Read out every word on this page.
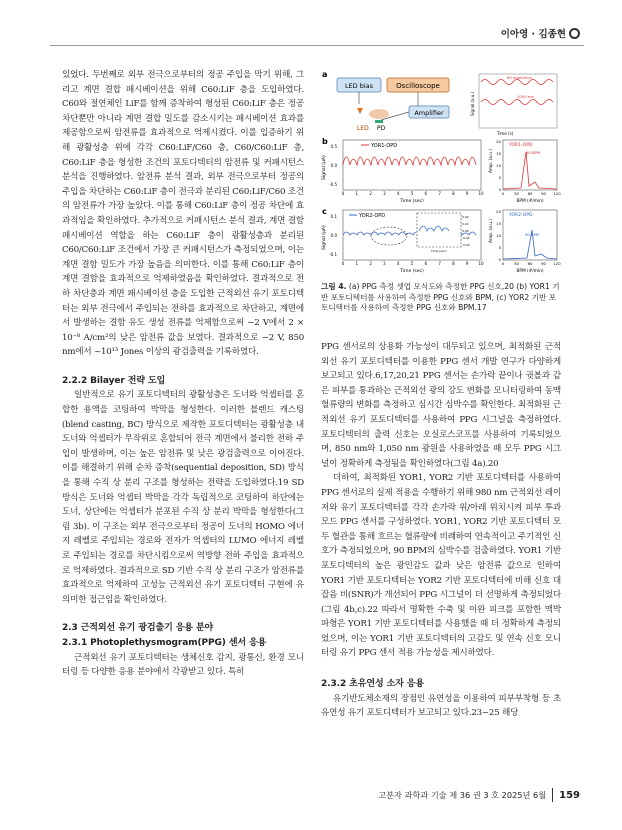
이아영 · 김종현

있었다. 두번째로 외부 전극으로부터의 정공 주입을 막기 위해, 그리고 계면 결합 패시베이션을 위해 C60:LiF 층을 도입하였다. C60와 절연체인 LiF를 함께 증착하여 형성된 C60:LiF 층은 정공 차단뿐만 아니라 계면 결합 밀도를 감소시키는 패시베이션 효과를 제공함으로써 암전류를 효과적으로 억제시켰다. 이를 입증하기 위해 광활성층 위에 각각 C60:LiF/C60 층, C60/C60:LiF 층, C60:LiF 층을 형성한 조건의 포토디텍터의 암전류 및 커패시턴스 분석을 진행하였다. 암전류 분석 결과, 외부 전극으로부터 정공의 주입을 차단하는 C60:LiF 층이 전극과 분리된 C60:LiF/C60 조건의 암전류가 가장 높았다. 이를 통해 C60:LiF 층이 정공 차단에 효과적임을 확인하였다. 추가적으로 커패시턴스 분석 결과, 계면 결함 패시베이션 역할을 하는 C60:LiF 층이 광활성층과 분리된 C60/C60:LiF 조건에서 가장 큰 커패시턴스가 측정되었으며, 이는 계면 결함 밀도가 가장 높음을 의미한다. 이를 통해 C60:LiF 층이 계면 결함을 효과적으로 억제하였음을 확인하였다. 결과적으로 전하 차단층과 계면 패시베이션 층을 도입한 근적외선 유기 포토디텍터는 외부 전극에서 주입되는 전하를 효과적으로 차단하고, 계면에서 발생하는 결함 유도 생성 전류를 억제함으로써 −2 V에서 2 × 10⁻⁸ A/cm²의 낮은 암전류 값을 보였다. 결과적으로 −2 V, 850 nm에서 ~10¹³ Jones 이상의 광검출력을 기록하였다.

2.2.2 Bilayer 전략 도입

일반적으로 유기 포토디텍터의 광활성층은 도너와 억셉터를 혼합한 용액을 코팅하여 박막을 형성한다. 이러한 블렌드 캐스팅(blend casting, BC) 방식으로 제작한 포토디텍터는 광활성층 내 도너와 억셉터가 무작위로 혼합되어 전극 계면에서 불리한 전하 주입이 발생하며, 이는 높은 암전류 및 낮은 광검출력으로 이어진다. 이를 해결하기 위해 순차 증착(sequential deposition, SD) 방식을 통해 수직 상 분리 구조를 형성하는 전략을 도입하였다.19 SD 방식은 도너와 억셉터 박막을 각각 독립적으로 코팅하여 하단에는 도너, 상단에는 억셉터가 분포된 수직 상 분리 박막을 형성한다(그림 3b). 이 구조는 외부 전극으로부터 정공이 도너의 HOMO 에너지 레벨로 주입되는 경로와 전자가 억셉터의 LUMO 에너지 레벨로 주입되는 경로를 차단시킴으로써 역방향 전하 주입을 효과적으로 억제하였다. 결과적으로 SD 기반 수직 상 분리 구조가 암전류를 효과적으로 억제하여 고성능 근적외선 유기 포토디텍터 구현에 유의미한 접근임을 확인하였다.

2.3 근적외선 유기 광검출기 응용 분야
2.3.1 Photoplethysmogram(PPG) 센서 응용

근적외선 유기 포토디텍터는 생체신호 감지, 광통신, 환경 모니터링 등 다양한 응용 분야에서 각광받고 있다. 특히

a
LED bias	Oscilloscope
Amplifier
LED PD
80 beats/min
1000 nm
Time (s)
Signal (a.u.)
b	YOR1-OPD
0.5
0.0
-0.5
Signal (μA)
0	1	2	3	4	5	6	7	8	9 10
Time (sec)
YOR1-OPD
60 BPM
20
15
10
5
0
Amp. (a.u.)
0	30 60 90 120
BPM (#/min)
c
0.02
0.01
0.00
-0.01
-0.02
Time (sec)
YOR2-OPD
0.1
0.0
-0.1
Signal (μA)
0	1	2	3	4	5	6	7	8	9 10
Time (sec)
YOR2-OPD
90 BPM
20
15
10
5
0
Amp. (a.u.)
0	30 60 90 120
BPM (#/min)
그림 4. (a) PPG 측정 셋업 모식도와 측정한 PPG 신호,20 (b) YOR1 기반 포토디텍터를 사용하여 측정한 PPG 신호와 BPM, (c) YOR2 기반 포토디텍터를 사용하여 측정한 PPG 신호와 BPM.17

PPG 센서로의 상용화 가능성이 대두되고 있으며, 최적화된 근적외선 유기 포토디텍터를 이용한 PPG 센서 개발 연구가 다양하게 보고되고 있다.6,17,20,21 PPG 센서는 손가락 끝이나 귓볼과 같은 피부를 통과하는 근적외선 광의 강도 변화를 모니터링하여 동맥 혈류량의 변화를 측정하고 심시간 심박수를 확인한다. 최적화된 근적외선 유기 포토디텍터를 사용하여 PPG 시그널을 측정하였다. 포토디텍터의 출력 신호는 오실로스코프를 사용하여 기록되었으며, 850 nm와 1,050 nm 광원을 사용하였을 때 모두 PPG 시그널이 정확하게 측정됨을 확인하였다(그림 4a).20

더하여, 최적화된 YOR1, YOR2 기반 포토디텍터를 사용하여 PPG 센서로의 실제 적용을 수행하기 위해 980 nm 근적외선 레이저와 유기 포토디텍터를 각각 손가락 위/아래 위치시켜 피부 투과 모드 PPG 센서를 구성하였다. YOR1, YOR2 기반 포토디텍터 모두 혈관을 통해 흐르는 혈류량에 비례하여 연속적이고 주기적인 신호가 측정되었으며, 90 BPM의 심박수를 검출하였다. YOR1 기반 포토디텍터의 높은 광민감도 값과 낮은 암전류 값으로 인하여 YOR1 기반 포토디텍터는 YOR2 기반 포토디텍터에 비해 신호 대 잡음 비(SNR)가 개선되어 PPG 시그널이 더 선명하게 측정되었다(그림 4b,c).22 따라서 명확한 수축 및 이완 피크를 포함한 맥박 파형은 YOR1 기반 포토디텍터를 사용했을 때 더 정확하게 측정되었으며, 이는 YOR1 기반 포토디텍터의 고감도 및 연속 신호 모니터링 유기 PPG 센서 적용 가능성을 제시하였다.

2.3.2 초유연성 소자 응용

유기반도체소재의 장점인 유연성을 이용하여 피부부착형 등 초유연성 유기 포토디텍터가 보고되고 있다.23~25 해당

고분자 과학과 기술 제 36 권 3 호 2025년 6월 159
